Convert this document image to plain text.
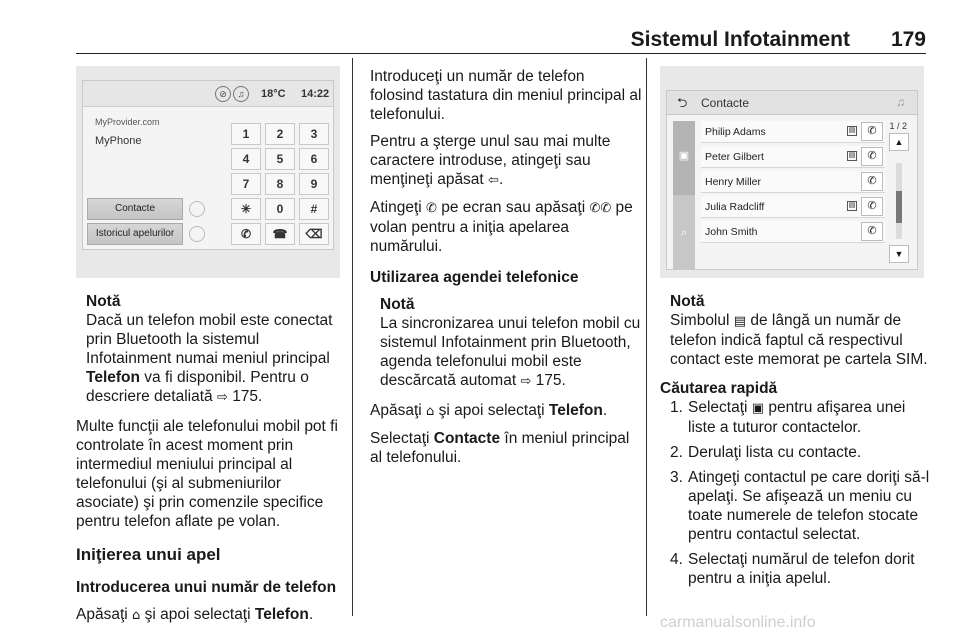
Sistemul Infotainment 179
⊘	♫	18°C 14:22
MyProvider.com
MyPhone	1	2	3
4	5	6
7	8	9
✳	0	#
Contacte
Istoricul apelurilor	✆	☎	⌫
Notă
Dacă un telefon mobil este conectat prin Bluetooth la sistemul Infotainment numai meniul principal Telefon va fi disponibil. Pentru o descriere detaliată ⇨ 175.

Multe funcţii ale telefonului mobil pot fi controlate în acest moment prin intermediul meniului principal al telefonului (şi al submeniurilor asociate) şi prin comenzile specifice pentru telefon aflate pe volan.

Iniţierea unui apel
Introducerea unui număr de telefon

Apăsaţi ⌂ şi apoi selectaţi Telefon.

Introduceţi un număr de telefon folosind tastatura din meniul principal al telefonului.

Pentru a şterge unul sau mai multe caractere introduse, atingeţi sau menţineţi apăsat ⇦.

Atingeţi ✆ pe ecran sau apăsaţi ✆✆ pe volan pentru a iniţia apelarea numărului.

Utilizarea agendei telefonice
Notă
La sincronizarea unui telefon mobil cu sistemul Infotainment prin Bluetooth, agenda telefonului mobil este descărcată automat ⇨ 175.

Apăsaţi ⌂ şi apoi selectaţi Telefon.

Selectaţi Contacte în meniul principal al telefonului.

⮌ Contacte	♫
▣
⌕
Philip Adams	▤	✆
Peter Gilbert	▤	✆
Henry Miller	✆
Julia Radcliff	▤	✆
John Smith	✆
1 / 2
▲
▼
Notă
Simbolul ▤ de lângă un număr de telefon indică faptul că respectivul contact este memorat pe cartela SIM.
Căutarea rapidă
1. Selectaţi ▣ pentru afişarea unei liste a tuturor contactelor.
2. Derulaţi lista cu contacte.
3. Atingeţi contactul pe care doriţi să-l apelaţi. Se afişează un meniu cu toate numerele de telefon stocate pentru contactul selectat.
4. Selectaţi numărul de telefon dorit pentru a iniţia apelul.
carmanualsonline.info
